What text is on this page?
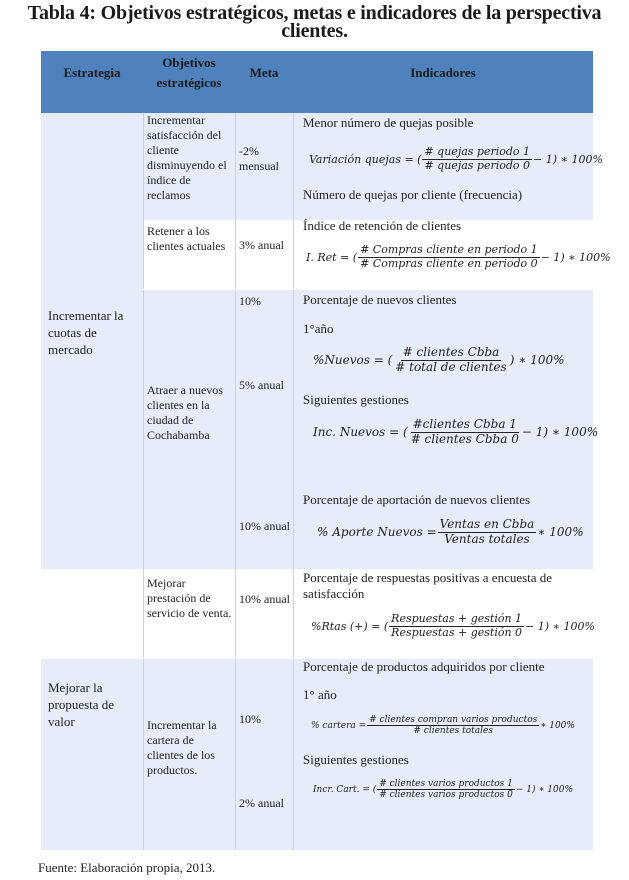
Tabla 4: Objetivos estratégicos, metas e indicadores de la perspectiva
clientes.
Estrategia
Objetivos
estratégicos
Meta	Indicadores
Incrementar la cuotas de mercado
Mejorar la propuesta de valor
Incrementar satisfacción del cliente disminuyendo el índice de reclamos
-2% mensual
Menor número de quejas posible
Variación quejas = ( $\frac{\text{\# quejas periodo 1}}{\text{\# quejas periodo 0}} - 1$) ∗ 100%
Número de quejas por cliente (frecuencia)
Retener a los clientes actuales	3% anual
Índice de retención de clientes
I. Ret = ( $\frac{\text{\# Compras cliente en periodo 1}}{\text{\# Compras cliente en periodo 0}} - 1$) ∗ 100%
Atraer a nuevos clientes en la ciudad de Cochabamba
10%
5% anual
10% anual
Porcentaje de nuevos clientes
1°año
%Nuevos = ( $\frac{\text{\# clientes Cbba}}{\text{\# total de clientes}}$ ) ∗ 100%
Siguientes gestiones
Inc. Nuevos = ( $\frac{\text{\#clientes Cbba 1}}{\text{\# clientes Cbba 0}} - 1$) ∗ 100%
Porcentaje de aportación de nuevos clientes
% Aporte Nuevos = $\frac{\text{Ventas en Cbba}}{\text{Ventas totales}}$ ∗ 100%
Mejorar prestación de servicio de venta.
10% anual
Porcentaje de respuestas positivas a encuesta de satisfacción
%Rtas (+) = ( $\frac{\text{Respuestas + gestión 1}}{\text{Respuestas + gestión 0}} - 1$) ∗ 100%
Incrementar la cartera de clientes de los productos.
10%
2% anual
Porcentaje de productos adquiridos por cliente
1° año
% cartera = $\frac{\text{\# clientes compran varios productos}}{\text{\# clientes totales}}$ ∗ 100%
Siguientes gestiones
Incr. Cart. = ( $\frac{\text{\# clientes varios productos 1}}{\text{\# clientes varios productos 0}} - 1$) ∗ 100%
Fuente: Elaboración propia, 2013.
